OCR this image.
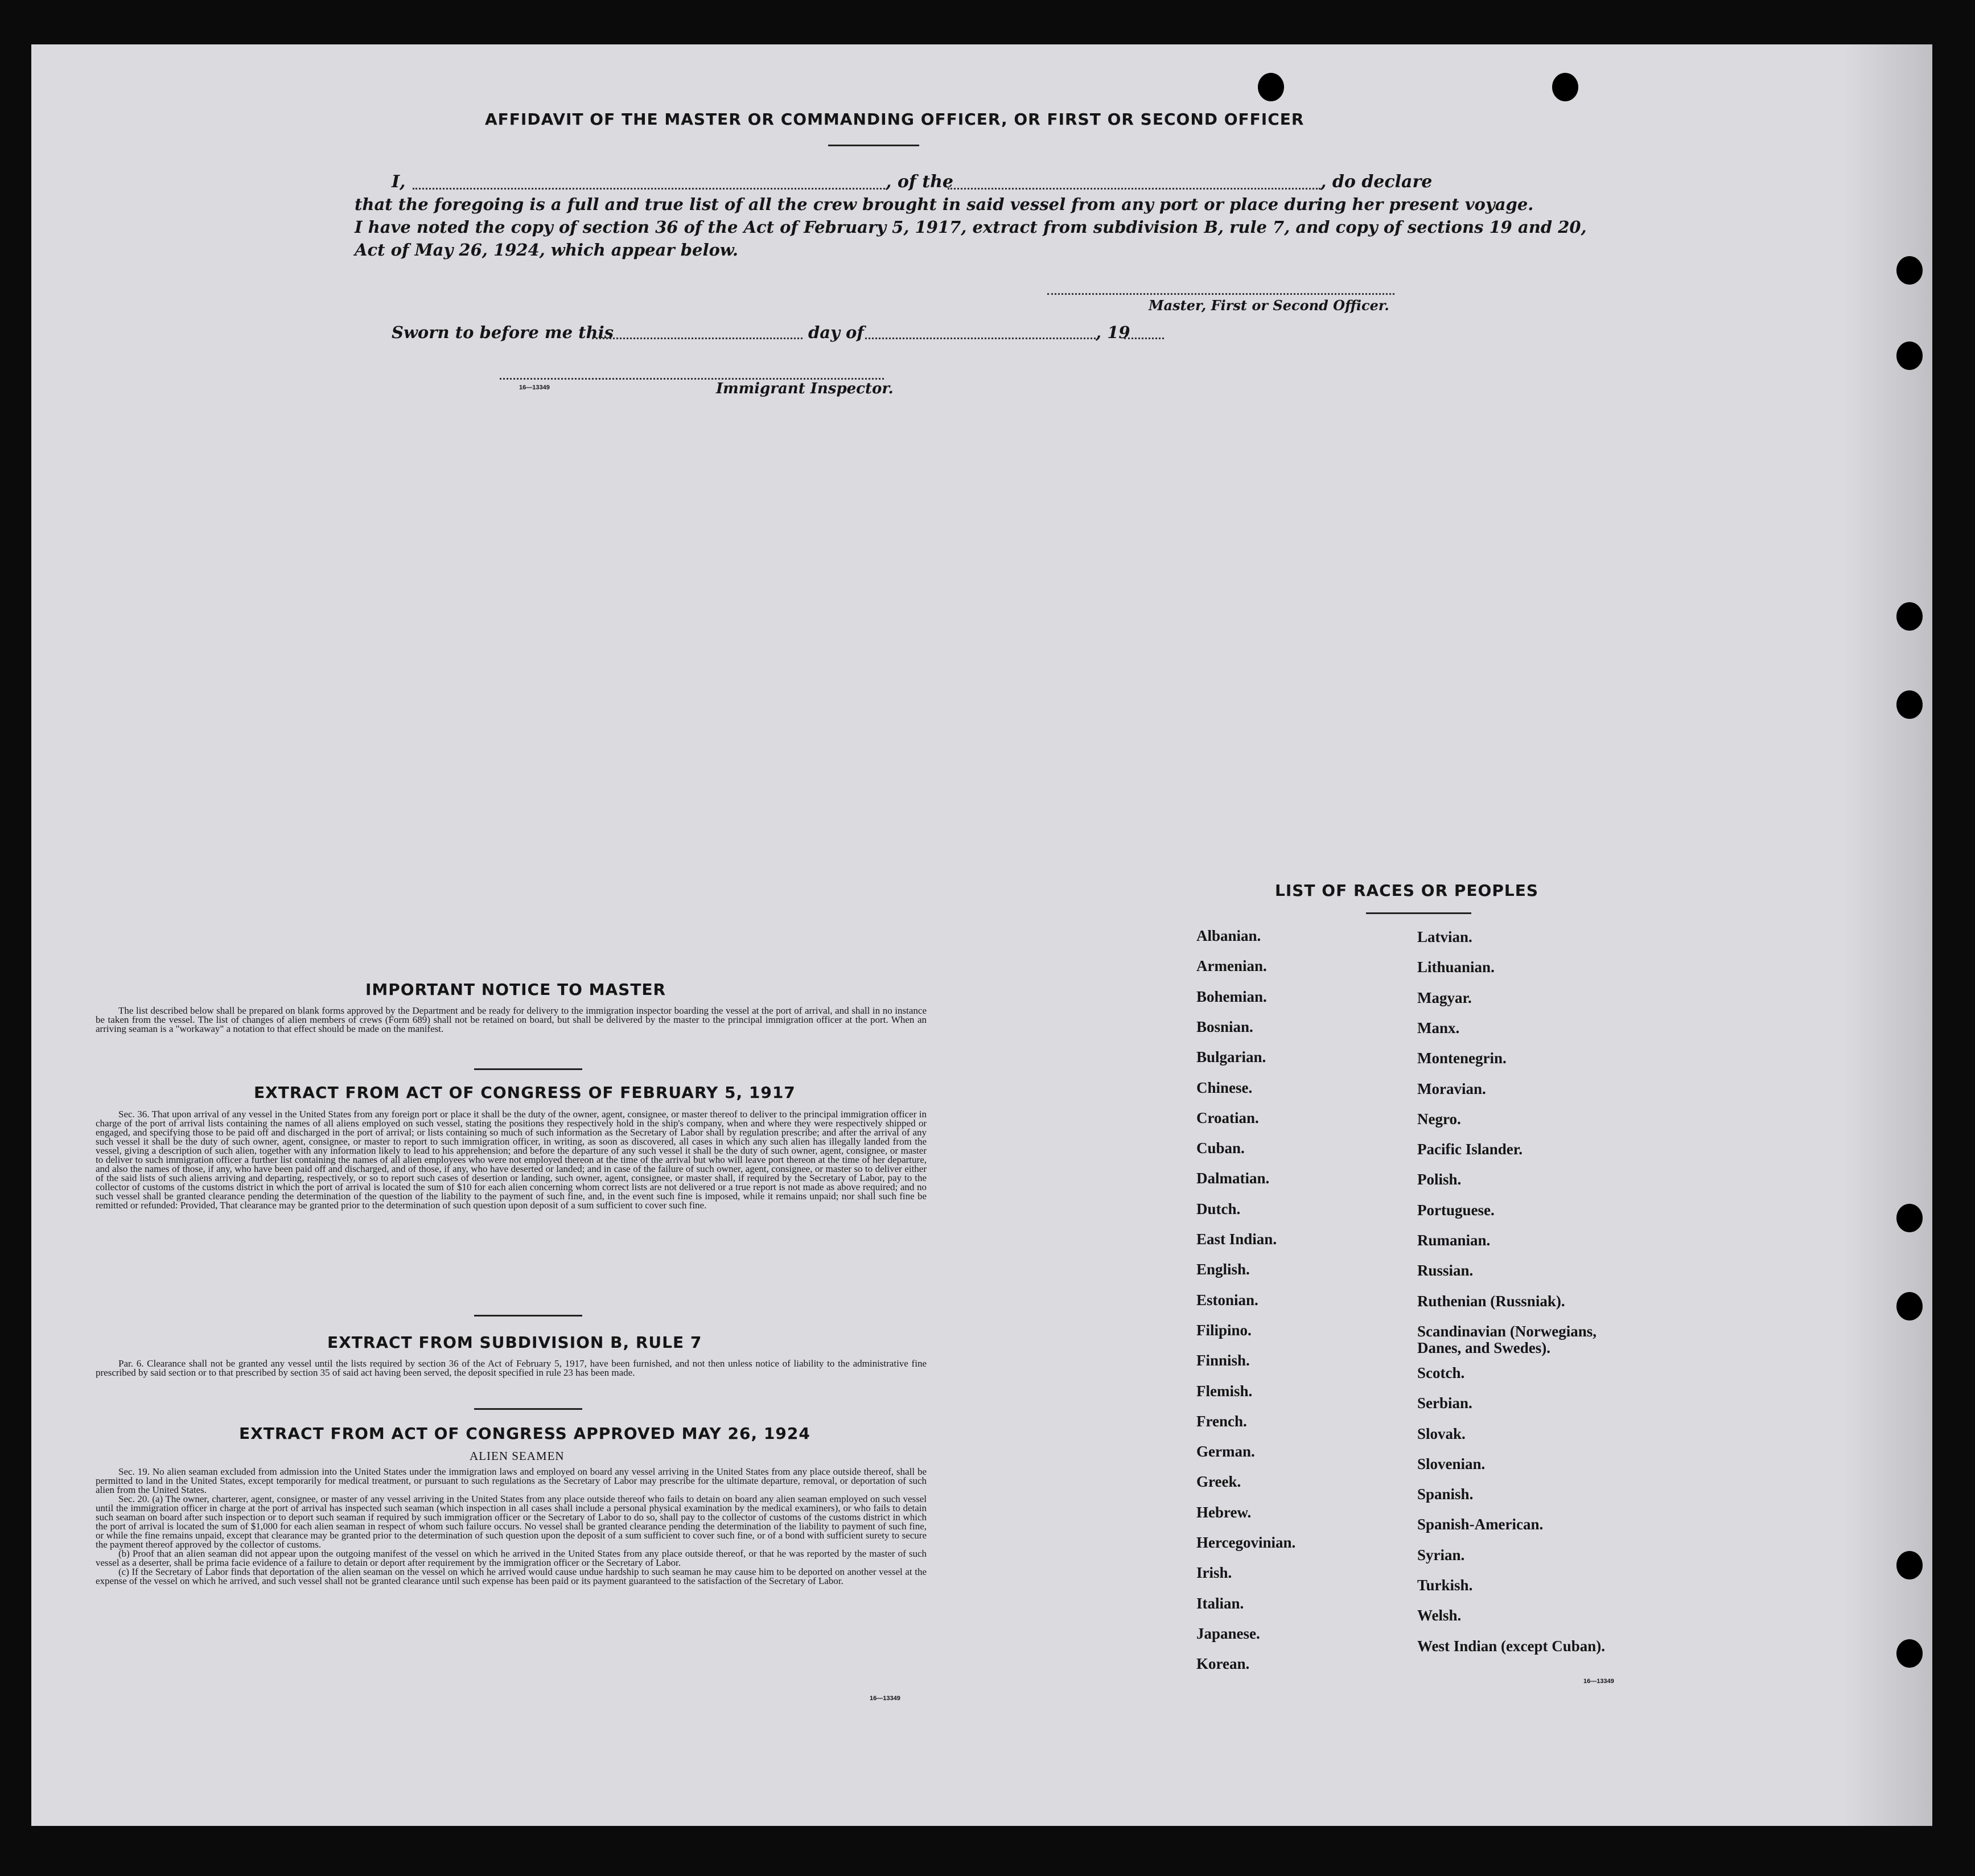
AFFIDAVIT OF THE MASTER OR COMMANDING OFFICER, OR FIRST OR SECOND OFFICER
I,	, of the	, do declare
that the foregoing is a full and true list of all the crew brought in said vessel from any port or place during her present voyage.
I have noted the copy of section 36 of the Act of February 5, 1917, extract from subdivision B, rule 7, and copy of sections 19 and 20,
Act of May 26, 1924, which appear below.
Master, First or Second Officer.
Sworn to before me this	day of	, 19
16—13349	Immigrant Inspector.
IMPORTANT NOTICE TO MASTER

The list described below shall be prepared on blank forms approved by the Department and be ready for delivery to the immigration inspector boarding the vessel at the port of arrival, and shall in no instance be taken from the vessel. The list of changes of alien members of crews (Form 689) shall not be retained on board, but shall be delivered by the master to the principal immigration officer at the port. When an arriving seaman is a "workaway" a notation to that effect should be made on the manifest.

EXTRACT FROM ACT OF CONGRESS OF FEBRUARY 5, 1917

Sec. 36. That upon arrival of any vessel in the United States from any foreign port or place it shall be the duty of the owner, agent, consignee, or master thereof to deliver to the principal immigration officer in charge of the port of arrival lists containing the names of all aliens employed on such vessel, stating the positions they respectively hold in the ship's company, when and where they were respectively shipped or engaged, and specifying those to be paid off and discharged in the port of arrival; or lists containing so much of such information as the Secretary of Labor shall by regulation prescribe; and after the arrival of any such vessel it shall be the duty of such owner, agent, consignee, or master to report to such immigration officer, in writing, as soon as discovered, all cases in which any such alien has illegally landed from the vessel, giving a description of such alien, together with any information likely to lead to his apprehension; and before the departure of any such vessel it shall be the duty of such owner, agent, consignee, or master to deliver to such immigration officer a further list containing the names of all alien employees who were not employed thereon at the time of the arrival but who will leave port thereon at the time of her departure, and also the names of those, if any, who have been paid off and discharged, and of those, if any, who have deserted or landed; and in case of the failure of such owner, agent, consignee, or master so to deliver either of the said lists of such aliens arriving and departing, respectively, or so to report such cases of desertion or landing, such owner, agent, consignee, or master shall, if required by the Secretary of Labor, pay to the collector of customs of the customs district in which the port of arrival is located the sum of $10 for each alien concerning whom correct lists are not delivered or a true report is not made as above required; and no such vessel shall be granted clearance pending the determination of the question of the liability to the payment of such fine, and, in the event such fine is imposed, while it remains unpaid; nor shall such fine be remitted or refunded: Provided, That clearance may be granted prior to the determination of such question upon deposit of a sum sufficient to cover such fine.

EXTRACT FROM SUBDIVISION B, RULE 7

Par. 6. Clearance shall not be granted any vessel until the lists required by section 36 of the Act of February 5, 1917, have been furnished, and not then unless notice of liability to the administrative fine prescribed by said section or to that prescribed by section 35 of said act having been served, the deposit specified in rule 23 has been made.

EXTRACT FROM ACT OF CONGRESS APPROVED MAY 26, 1924
ALIEN SEAMEN

Sec. 19. No alien seaman excluded from admission into the United States under the immigration laws and employed on board any vessel arriving in the United States from any place outside thereof, shall be permitted to land in the United States, except temporarily for medical treatment, or pursuant to such regulations as the Secretary of Labor may prescribe for the ultimate departure, removal, or deportation of such alien from the United States.

Sec. 20. (a) The owner, charterer, agent, consignee, or master of any vessel arriving in the United States from any place outside thereof who fails to detain on board any alien seaman employed on such vessel until the immigration officer in charge at the port of arrival has inspected such seaman (which inspection in all cases shall include a personal physical examination by the medical examiners), or who fails to detain such seaman on board after such inspection or to deport such seaman if required by such immigration officer or the Secretary of Labor to do so, shall pay to the collector of customs of the customs district in which the port of arrival is located the sum of $1,000 for each alien seaman in respect of whom such failure occurs. No vessel shall be granted clearance pending the determination of the liability to payment of such fine, or while the fine remains unpaid, except that clearance may be granted prior to the determination of such question upon the deposit of a sum sufficient to cover such fine, or of a bond with sufficient surety to secure the payment thereof approved by the collector of customs.

(b) Proof that an alien seaman did not appear upon the outgoing manifest of the vessel on which he arrived in the United States from any place outside thereof, or that he was reported by the master of such vessel as a deserter, shall be prima facie evidence of a failure to detain or deport after requirement by the immigration officer or the Secretary of Labor.

(c) If the Secretary of Labor finds that deportation of the alien seaman on the vessel on which he arrived would cause undue hardship to such seaman he may cause him to be deported on another vessel at the expense of the vessel on which he arrived, and such vessel shall not be granted clearance until such expense has been paid or its payment guaranteed to the satisfaction of the Secretary of Labor.

16—13349
LIST OF RACES OR PEOPLES
Albanian.
Armenian.
Bohemian.
Bosnian.
Bulgarian.
Chinese.
Croatian.
Cuban.
Dalmatian.
Dutch.
East Indian.
English.
Estonian.
Filipino.
Finnish.
Flemish.
French.
German.
Greek.
Hebrew.
Hercegovinian.
Irish.
Italian.
Japanese.
Korean.
Latvian.
Lithuanian.
Magyar.
Manx.
Montenegrin.
Moravian.
Negro.
Pacific Islander.
Polish.
Portuguese.
Rumanian.
Russian.
Ruthenian (Russniak).
Scandinavian (Norwegians,
Danes, and Swedes).
Scotch.
Serbian.
Slovak.
Slovenian.
Spanish.
Spanish-American.
Syrian.
Turkish.
Welsh.
West Indian (except Cuban).
16—13349
